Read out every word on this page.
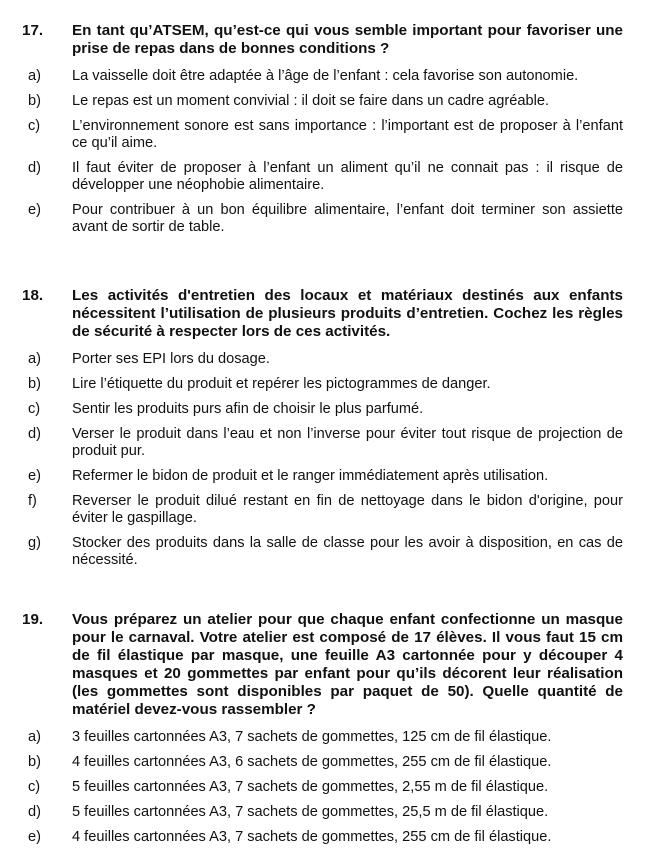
17. En tant qu’ATSEM, qu’est-ce qui vous semble important pour favoriser une prise de repas dans de bonnes conditions ?
a) La vaisselle doit être adaptée à l’âge de l’enfant : cela favorise son autonomie.
b) Le repas est un moment convivial : il doit se faire dans un cadre agréable.
c) L’environnement sonore est sans importance : l’important est de proposer à l’enfant ce qu’il aime.
d) Il faut éviter de proposer à l’enfant un aliment qu’il ne connait pas : il risque de développer une néophobie alimentaire.
e) Pour contribuer à un bon équilibre alimentaire, l’enfant doit terminer son assiette avant de sortir de table.
18. Les activités d'entretien des locaux et matériaux destinés aux enfants nécessitent l’utilisation de plusieurs produits d’entretien. Cochez les règles de sécurité à respecter lors de ces activités.
a) Porter ses EPI lors du dosage.
b) Lire l’étiquette du produit et repérer les pictogrammes de danger.
c) Sentir les produits purs afin de choisir le plus parfumé.
d) Verser le produit dans l’eau et non l’inverse pour éviter tout risque de projection de produit pur.
e) Refermer le bidon de produit et le ranger immédiatement après utilisation.
f) Reverser le produit dilué restant en fin de nettoyage dans le bidon d'origine, pour éviter le gaspillage.
g) Stocker des produits dans la salle de classe pour les avoir à disposition, en cas de nécessité.
19. Vous préparez un atelier pour que chaque enfant confectionne un masque pour le carnaval. Votre atelier est composé de 17 élèves. Il vous faut 15 cm de fil élastique par masque, une feuille A3 cartonnée pour y découper 4 masques et 20 gommettes par enfant pour qu’ils décorent leur réalisation (les gommettes sont disponibles par paquet de 50). Quelle quantité de matériel devez-vous rassembler ?
a) 3 feuilles cartonnées A3, 7 sachets de gommettes, 125 cm de fil élastique.
b) 4 feuilles cartonnées A3, 6 sachets de gommettes, 255 cm de fil élastique.
c) 5 feuilles cartonnées A3, 7 sachets de gommettes, 2,55 m de fil élastique.
d) 5 feuilles cartonnées A3, 7 sachets de gommettes, 25,5 m de fil élastique.
e) 4 feuilles cartonnées A3, 7 sachets de gommettes, 255 cm de fil élastique.
